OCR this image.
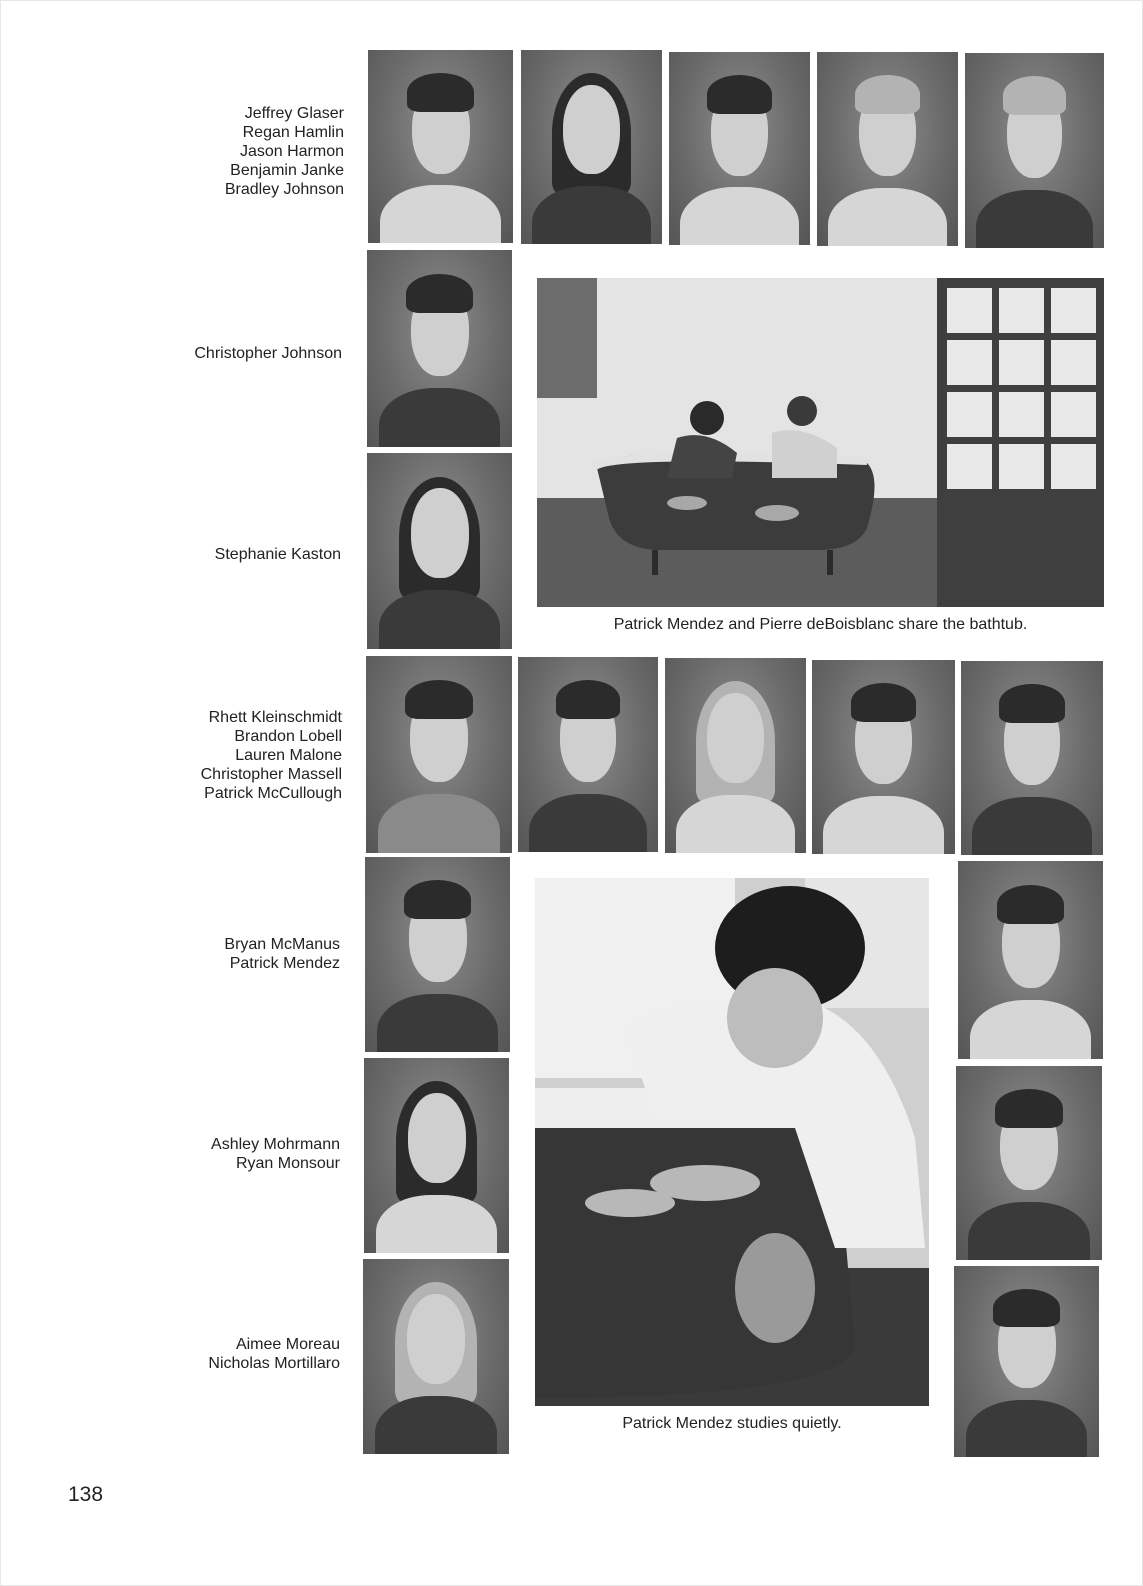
Jeffrey Glaser
Regan Hamlin
Jason Harmon
Benjamin Janke
Bradley Johnson
Christopher Johnson
Stephanie Kaston
Patrick Mendez and Pierre deBoisblanc share the bathtub.
Rhett Kleinschmidt
Brandon Lobell
Lauren Malone
Christopher Massell
Patrick McCullough
Bryan McManus
Patrick Mendez
Ashley Mohrmann
Ryan Monsour
Aimee Moreau
Nicholas Mortillaro
Patrick Mendez studies quietly.
138
